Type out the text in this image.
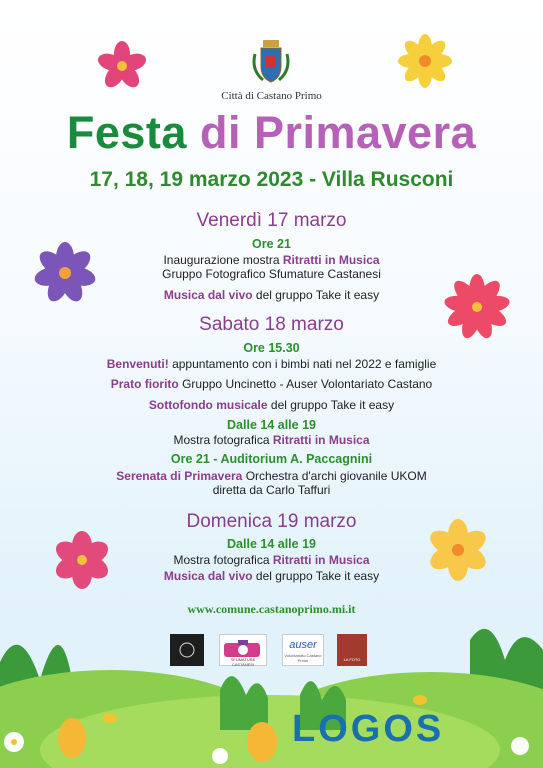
Città di Castano Primo
Festa di Primavera
17, 18, 19 marzo 2023 - Villa Rusconi
Venerdì 17 marzo
Ore 21
Inaugurazione mostra Ritratti in Musica
Gruppo Fotografico Sfumature Castanesi
Musica dal vivo del gruppo Take it easy
Sabato 18 marzo
Ore 15.30
Benvenuti! appuntamento con i bimbi nati nel 2022 e famiglie
Prato fiorito Gruppo Uncinetto - Auser Volontariato Castano
Sottofondo musicale del gruppo Take it easy
Dalle 14 alle 19
Mostra fotografica Ritratti in Musica
Ore 21 - Auditorium A. Paccagnini
Serenata di Primavera Orchestra d'archi giovanile UKOM
diretta da Carlo Taffuri
Domenica 19 marzo
Dalle 14 alle 19
Mostra fotografica Ritratti in Musica
Musica dal vivo del gruppo Take it easy
www.comune.castanoprimo.mi.it
SFUMATURE CASTANESI
auser
Volontariato Castano Primo	LA FOTO
LOGOS
